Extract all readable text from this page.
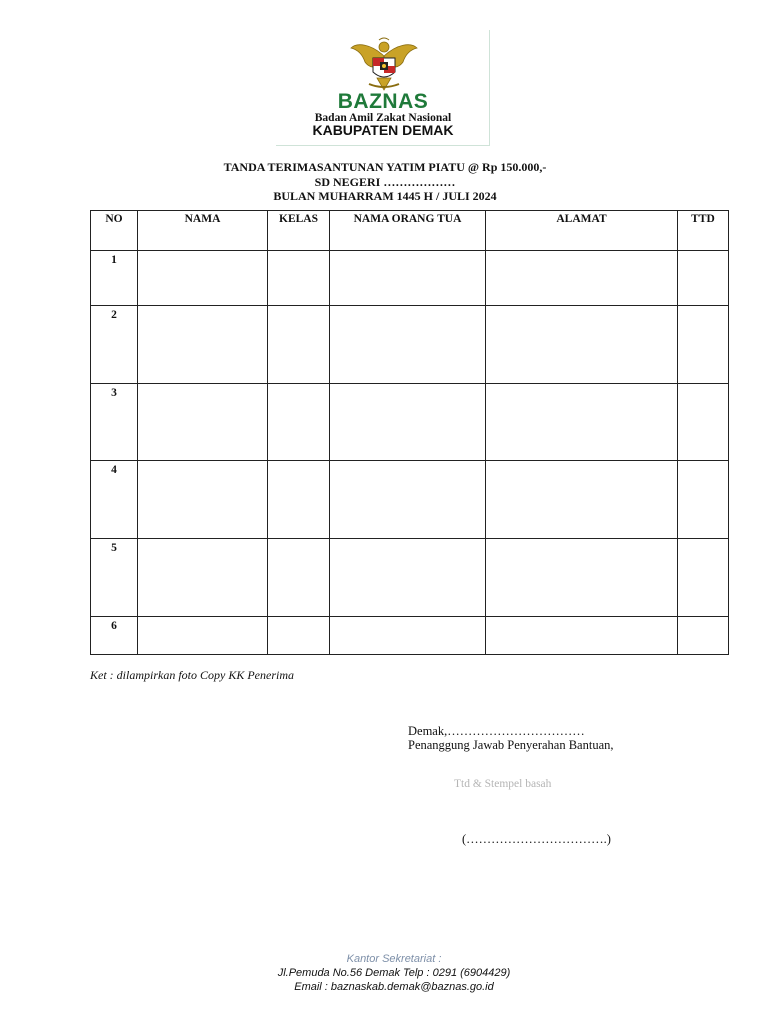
BAZNAS
Badan Amil Zakat Nasional
KABUPATEN DEMAK
TANDA TERIMASANTUNAN YATIM PIATU @ Rp 150.000,-
SD NEGERI ………………
BULAN MUHARRAM 1445 H / JULI 2024
NO	NAMA	KELAS	NAMA ORANG TUA	ALAMAT	TTD
1					
2					
3					
4					
5					
6					
Ket : dilampirkan foto Copy KK Penerima
Demak,……………………………
Penanggung Jawab Penyerahan Bantuan,
Ttd & Stempel basah
(…………………………….)
Kantor Sekretariat :
Jl.Pemuda No.56 Demak Telp : 0291 (6904429)
Email : baznaskab.demak@baznas.go.id
